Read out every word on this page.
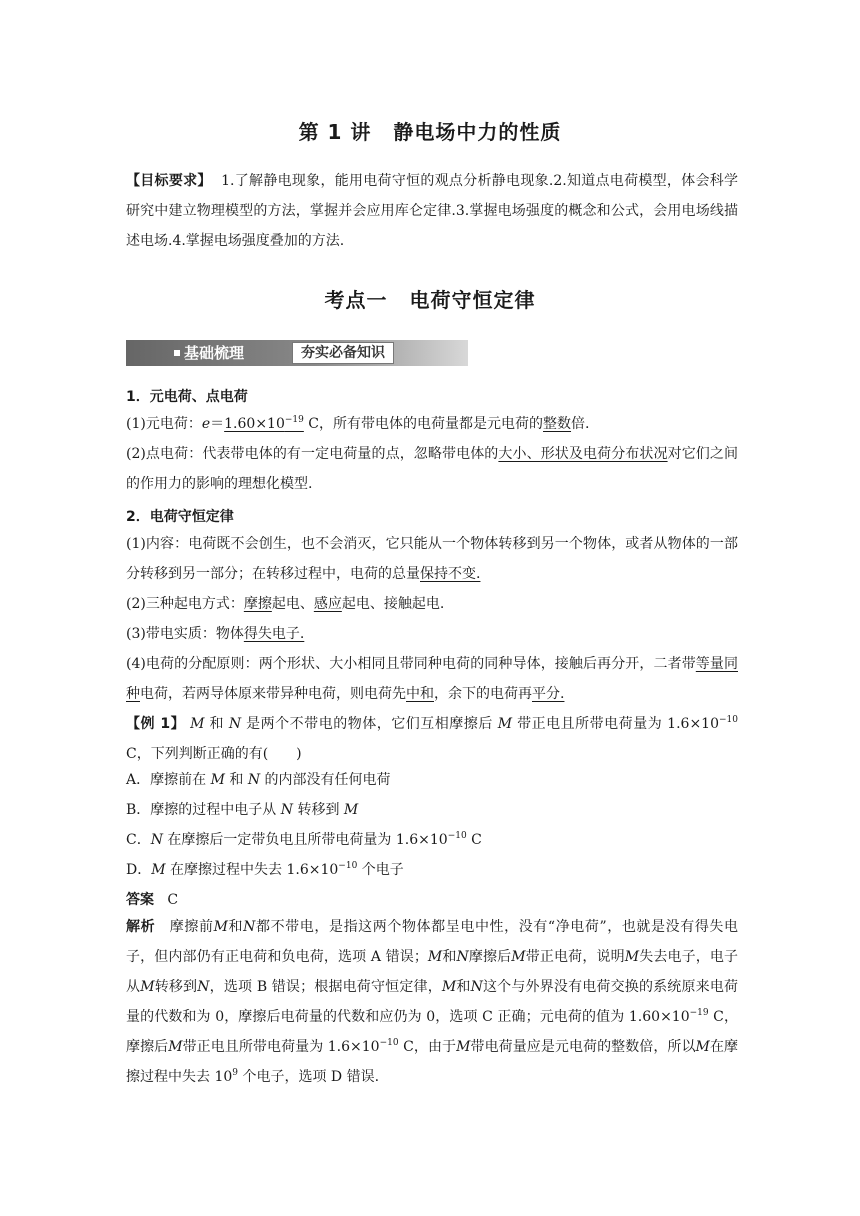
第 1 讲 静电场中力的性质
【目标要求】 1.了解静电现象，能用电荷守恒的观点分析静电现象.2.知道点电荷模型，体会科学研究中建立物理模型的方法，掌握并会应用库仑定律.3.掌握电场强度的概念和公式，会用电场线描述电场.4.掌握电场强度叠加的方法.
考点一 电荷守恒定律
基础梳理	夯实必备知识
1．元电荷、点电荷
(1)元电荷：$e=1.60\times 10^{-19}$ C，所有带电体的电荷量都是元电荷的整数倍.
(2)点电荷：代表带电体的有一定电荷量的点，忽略带电体的大小、形状及电荷分布状况对它们之间的作用力的影响的理想化模型.
2．电荷守恒定律
(1)内容：电荷既不会创生，也不会消灭，它只能从一个物体转移到另一个物体，或者从物体的一部分转移到另一部分；在转移过程中，电荷的总量保持不变.
(2)三种起电方式：摩擦起电、感应起电、接触起电.
(3)带电实质：物体得失电子.
(4)电荷的分配原则：两个形状、大小相同且带同种电荷的同种导体，接触后再分开，二者带等量同种电荷，若两导体原来带异种电荷，则电荷先中和，余下的电荷再平分.
【例 1】 M 和 N 是两个不带电的物体，它们互相摩擦后 M 带正电且所带电荷量为 $1.6\times 10^{-10}$ C，下列判断正确的有(　　)
A．摩擦前在 M 和 N 的内部没有任何电荷
B．摩擦的过程中电子从 N 转移到 M
C．N 在摩擦后一定带负电且所带电荷量为 $1.6\times 10^{-10}$ C
D．M 在摩擦过程中失去 $1.6\times 10^{-10}$ 个电子
答案 C
解析　摩擦前M和N都不带电，是指这两个物体都呈电中性，没有“净电荷”，也就是没有得失电子，但内部仍有正电荷和负电荷，选项 A 错误；M和N摩擦后M带正电荷，说明M失去电子，电子从M转移到N，选项 B 错误；根据电荷守恒定律，M和N这个与外界没有电荷交换的系统原来电荷量的代数和为 0，摩擦后电荷量的代数和应仍为 0，选项 C 正确；元电荷的值为 $1.60\times 10^{-19}$ C，摩擦后M带正电且所带电荷量为 $1.6\times 10^{-10}$ C，由于M带电荷量应是元电荷的整数倍，所以M在摩擦过程中失去 $10^9$ 个电子，选项 D 错误.
